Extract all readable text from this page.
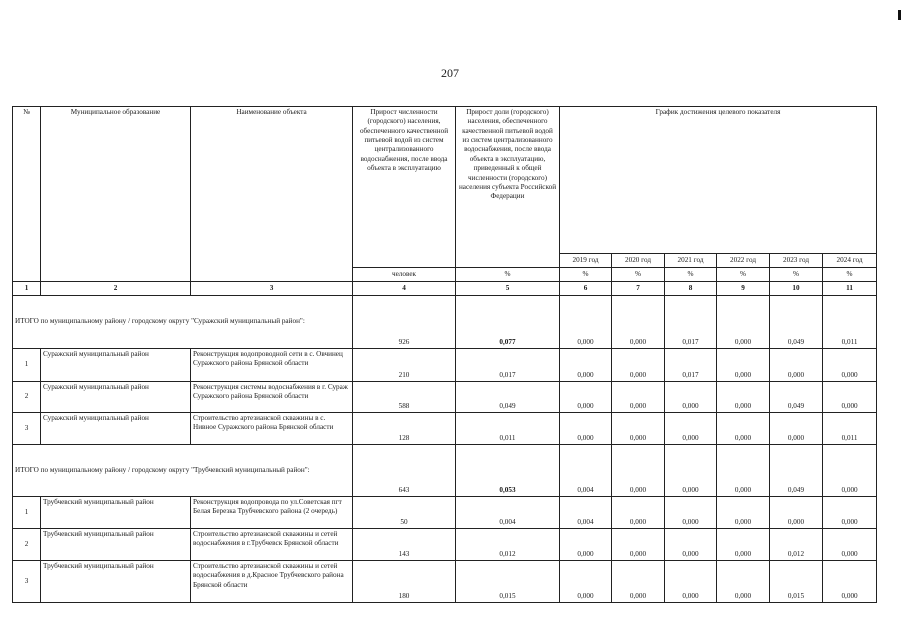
207
№	Муниципальное образование	Наименование объекта	Прирост численности (городского) населения, обеспеченного качественной питьевой водой из систем централизованного водоснабжения, после ввода объекта в эксплуатацию	Прирост доли (городского) населения, обеспеченного качественной питьевой водой из систем централизованного водоснабжения, после ввода объекта в эксплуатацию, приведенный к общей численности (городского) населения субъекта Российской Федерации	График достижения целевого показателя					
					2019 год	2020 год	2021 год	2022 год	2023 год	2024 год
			человек	%	%	%	%	%	%	%
1	2	3	4	5	6	7	8	9	10	11
ИТОГО по муниципальному району / городскому округу "Суражский муниципальный район":			926	0,077	0,000	0,000	0,017	0,000	0,049	0,011
1	Суражский муниципальный район	Реконструкция водопроводной сети в с. Овчинец Суражского района Брянской области	210	0,017	0,000	0,000	0,017	0,000	0,000	0,000
2	Суражский муниципальный район	Реконструкция системы водоснабжения в г. Сураж Суражского района Брянской области	588	0,049	0,000	0,000	0,000	0,000	0,049	0,000
3	Суражский муниципальный район	Строительство артезианской скважины в с. Нивное Суражского района Брянской области	128	0,011	0,000	0,000	0,000	0,000	0,000	0,011
ИТОГО по муниципальному району / городскому округу "Трубчевский муниципальный район":			643	0,053	0,004	0,000	0,000	0,000	0,049	0,000
1	Трубчевский муниципальный район	Реконструкция водопровода по ул.Советская пгт Белая Березка Трубчевского района (2 очередь)	50	0,004	0,004	0,000	0,000	0,000	0,000	0,000
2	Трубчевский муниципальный район	Строительство артезианской скважины и сетей водоснабжения в г.Трубчевск Брянской области	143	0,012	0,000	0,000	0,000	0,000	0,012	0,000
3	Трубчевский муниципальный район	Строительство артезианской скважины и сетей водоснабжения в д.Красное Трубчевского района Брянской области	180	0,015	0,000	0,000	0,000	0,000	0,015	0,000
